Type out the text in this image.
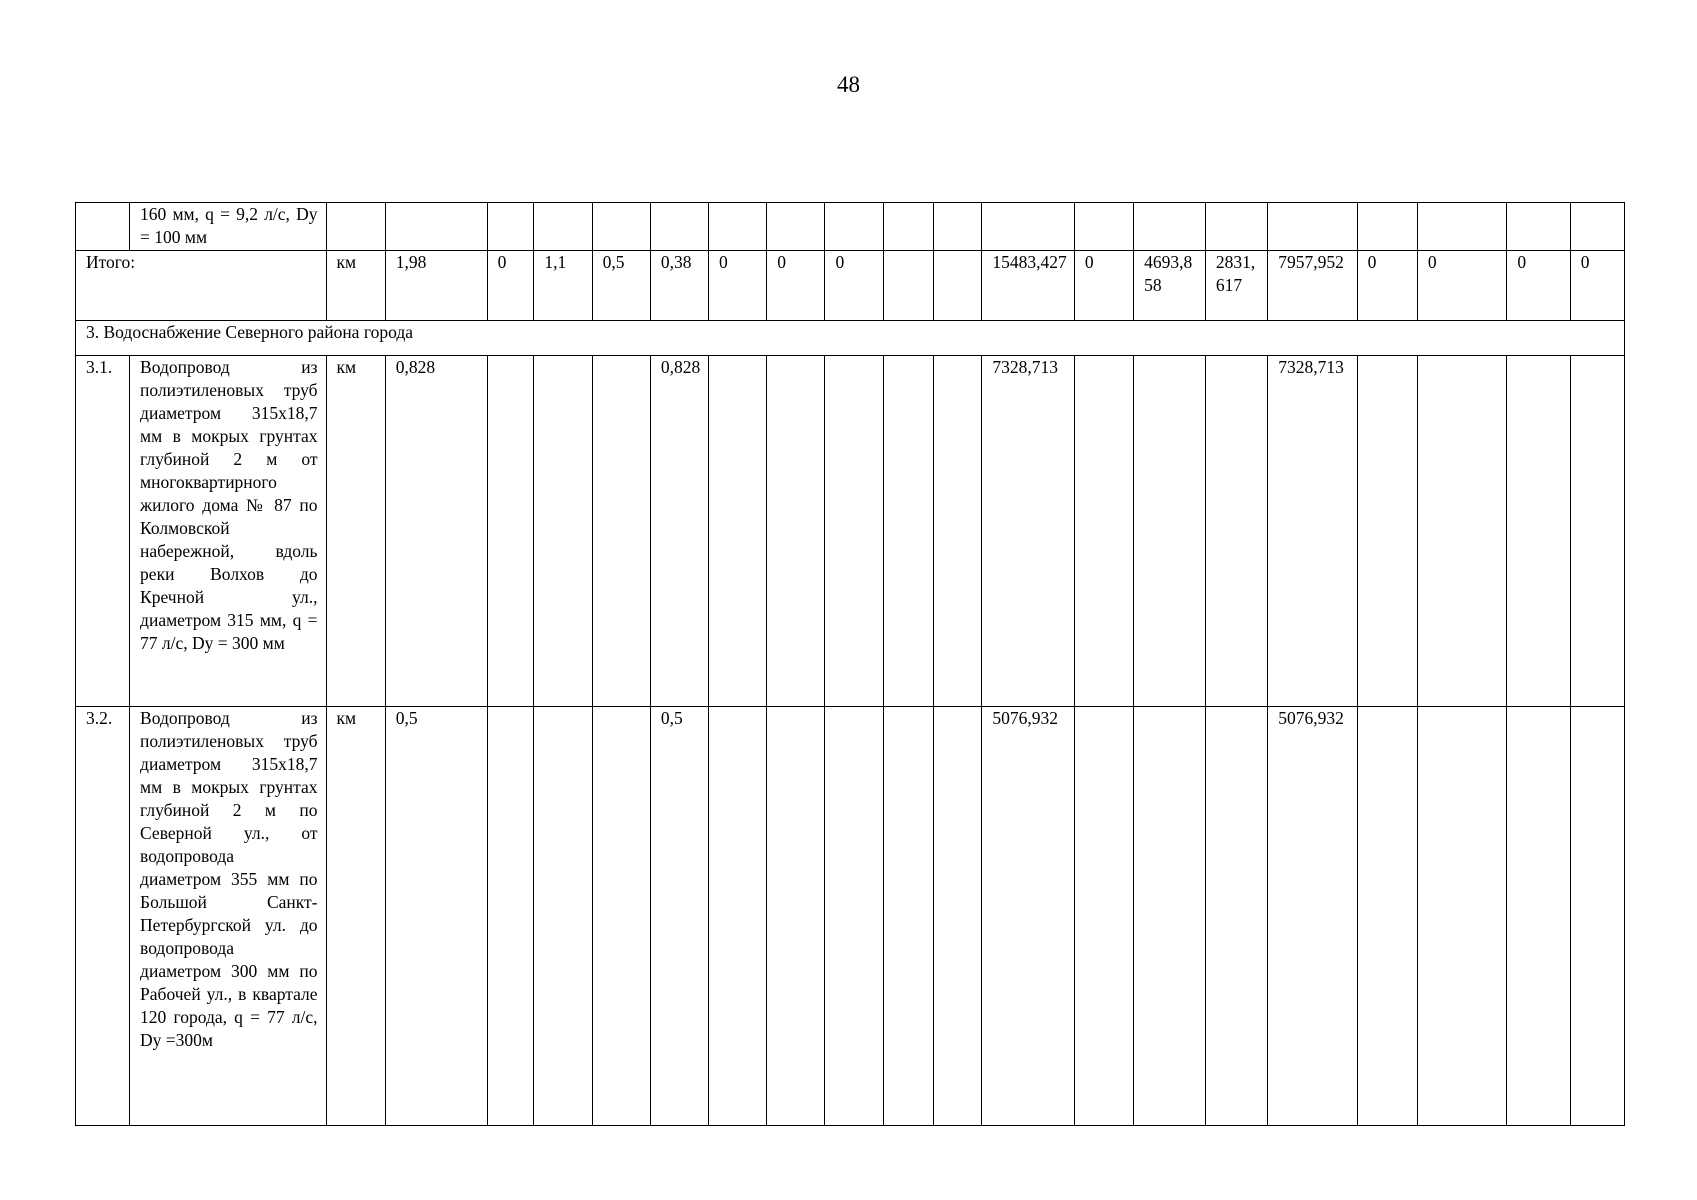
48
	160 мм, q = 9,2 л/с, Dy = 100 мм																				
Итого:		км	1,98	0	1,1	0,5	0,38	0	0	0			15483,427	0	4693,858	2831,617	7957,952	0	0	0	0
3. Водоснабжение Северного района города																					
3.1.	Водопровод из полиэтиленовых труб диаметром 315x18,7 мм в мокрых грунтах глубиной 2 м от многоквартирного жилого дома № 87 по Колмовской набережной, вдоль реки Волхов до Кречной ул., диаметром 315 мм, q = 77 л/с, Dy = 300 мм	км	0,828				0,828						7328,713				7328,713				
3.2.	Водопровод из полиэтиленовых труб диаметром 315x18,7 мм в мокрых грунтах глубиной 2 м по Северной ул., от водопровода диаметром 355 мм по Большой Санкт-Петербургской ул. до водопровода диаметром 300 мм по Рабочей ул., в квартале 120 города, q = 77 л/с, Dy =300м	км	0,5				0,5						5076,932				5076,932				
